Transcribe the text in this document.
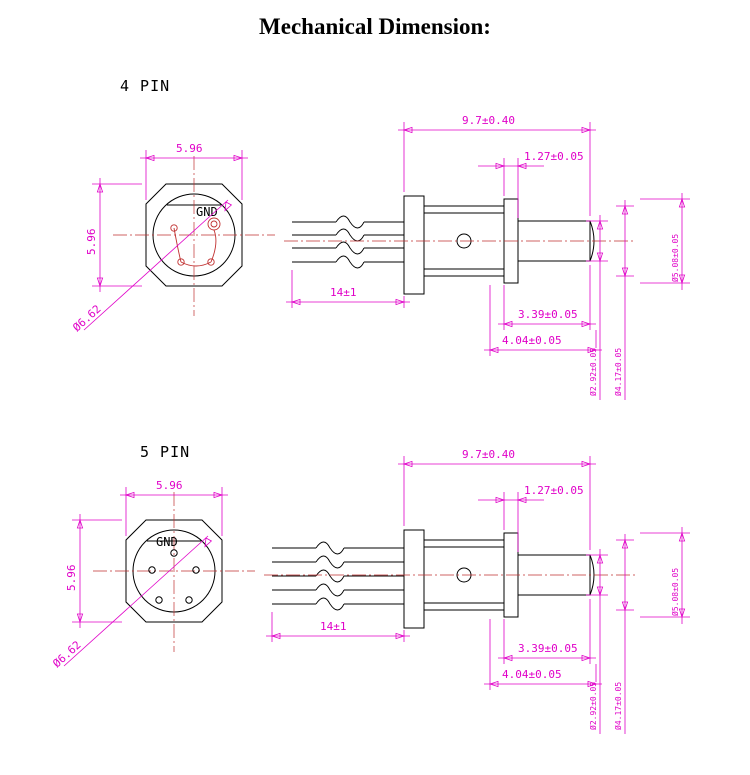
Mechanical Dimension:
4 PIN
5 PIN
GND
5.96
5.96
Ø6.62
9.7±0.40
1.27±0.05
14±1
3.39±0.05
4.04±0.05
Ø2.92±0.05 Ø4.17±0.05
Ø5.08±0.05
GND
5.96
5.96
Ø6.62
9.7±0.40
1.27±0.05
14±1
3.39±0.05
4.04±0.05
Ø2.92±0.05 Ø4.17±0.05
Ø5.08±0.05
